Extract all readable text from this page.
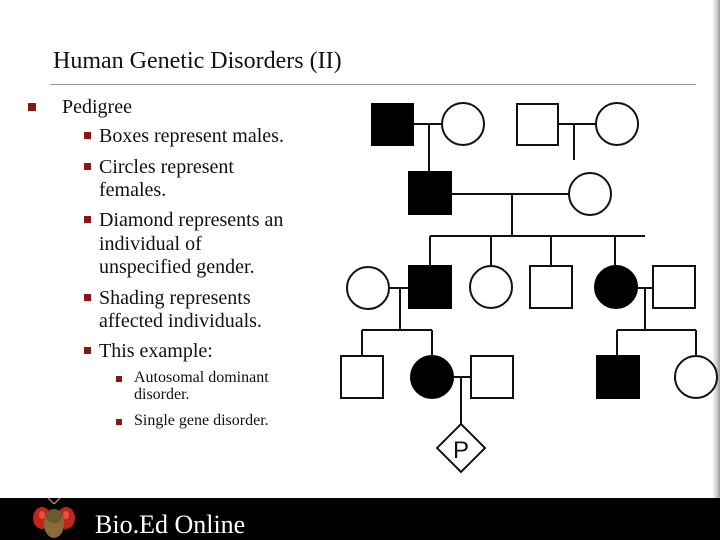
Human Genetic Disorders (II)
Pedigree
Boxes represent males.
Circles represent
females.
Diamond represents an
individual of
unspecified gender.
Shading represents
affected individuals.
This example:
Autosomal dominant
disorder.
Single gene disorder.
P
Bio.Ed Online
